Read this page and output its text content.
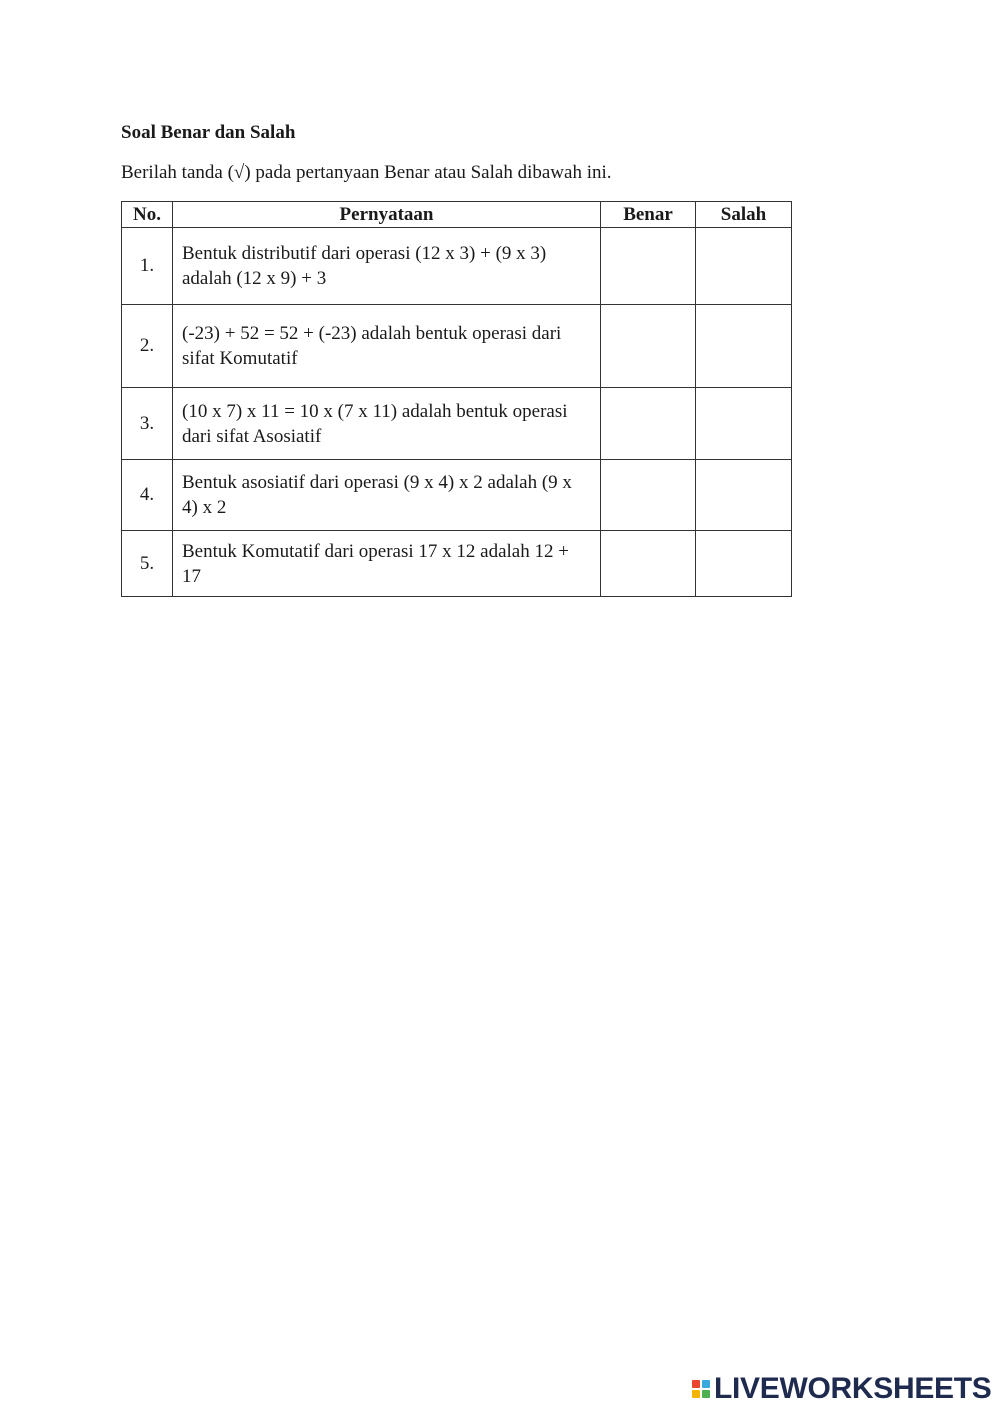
Soal Benar dan Salah
Berilah tanda (√) pada pertanyaan Benar atau Salah dibawah ini.
No.	Pernyataan	Benar	Salah
1.	Bentuk distributif dari operasi (12 x 3) + (9 x 3) adalah (12 x 9) + 3		
2.	(-23) + 52 = 52 + (-23) adalah bentuk operasi dari sifat Komutatif		
3.	(10 x 7) x 11 = 10 x (7 x 11) adalah bentuk operasi dari sifat Asosiatif		
4.	Bentuk asosiatif dari operasi (9 x 4) x 2 adalah (9 x 4) x 2		
5.	Bentuk Komutatif dari operasi 17 x 12 adalah 12 + 17		
LIVEWORKSHEETS
